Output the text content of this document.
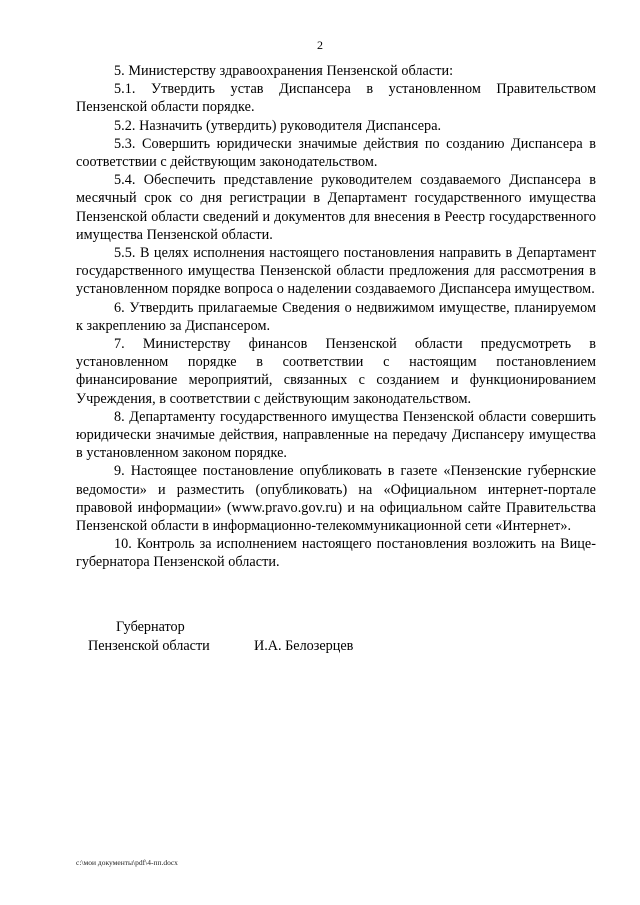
2

5. Министерству здравоохранения Пензенской области:

5.1. Утвердить устав Диспансера в установленном Правительством Пензенской области порядке.

5.2. Назначить (утвердить) руководителя Диспансера.

5.3. Совершить юридически значимые действия по созданию Диспансера в соответствии с действующим законодательством.

5.4. Обеспечить представление руководителем создаваемого Диспансера в месячный срок со дня регистрации в Департамент государственного имущества Пензенской области сведений и документов для внесения в Реестр государственного имущества Пензенской области.

5.5. В целях исполнения настоящего постановления направить в Департамент государственного имущества Пензенской области предложения для рассмотрения в установленном порядке вопроса о наделении создаваемого Диспансера имуществом.

6. Утвердить прилагаемые Сведения о недвижимом имуществе, планируемом к закреплению за Диспансером.

7. Министерству финансов Пензенской области предусмотреть в установленном порядке в соответствии с настоящим постановлением финансирование мероприятий, связанных с созданием и функционированием Учреждения, в соответствии с действующим законодательством.

8. Департаменту государственного имущества Пензенской области совершить юридически значимые действия, направленные на передачу Диспансеру имущества в установленном законом порядке.

9. Настоящее постановление опубликовать в газете «Пензенские губернские ведомости» и разместить (опубликовать) на «Официальном интернет-портале правовой информации» (www.pravo.gov.ru) и на официальном сайте Правительства Пензенской области в информационно-телекоммуникационной сети «Интернет».

10. Контроль за исполнением настоящего постановления возложить на Вице-губернатора Пензенской области.

Губернатор
Пензенской области	И.А. Белозерцев
c:\мои документы\pdf\4-пп.docx
